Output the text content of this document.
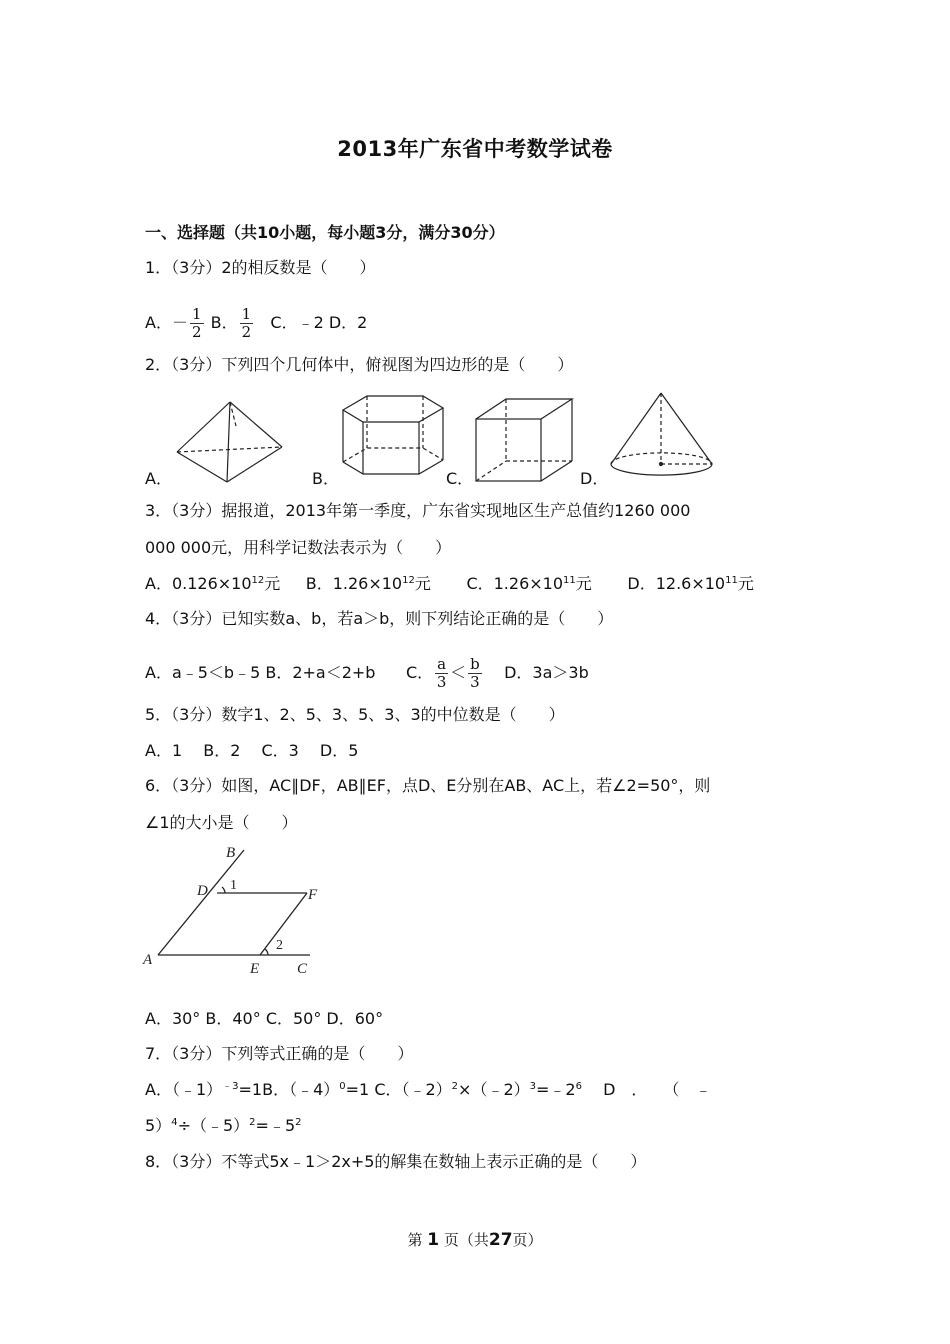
2013年广东省中考数学试卷
一、选择题（共10小题，每小题3分，满分30分）
1．（3分）2的相反数是（　　）
A．－ $\frac{1}{2}$ B． $\frac{1}{2}$ C．﹣2 D．2
2．（3分）下列四个几何体中，俯视图为四边形的是（　　）
A．	B．	C．	D．
3．（3分）据报道，2013年第一季度，广东省实现地区生产总值约1260 000
000 000元，用科学记数法表示为（　　）
A．$0.126\times 10^{12}$元 B．$1.26\times 10^{12}$元 C．$1.26\times 10^{11}$元 D．$12.6\times 10^{11}$元
4．（3分）已知实数a、b，若a＞b，则下列结论正确的是（　　）
A．a﹣5＜b﹣5 B．2+a＜2+b C． $\frac{a}{3} < \frac{b}{3}$ D．3a＞3b
5．（3分）数字1、2、5、3、5、3、3的中位数是（　　）
A．1　 B．2　 C．3　 D．5
6．（3分）如图，AC∥DF，AB∥EF，点D、E分别在AB、AC上，若∠2=50°，则
∠1的大小是（　　）
B
D	F
A
E	C
1
2
A．30° B．40° C．50° D．60°
7．（3分）下列等式正确的是（　　）
A．（﹣1）$^{﹣3}$=1B．（﹣4）$^0$=1 C．$(﹣2)^2\times(﹣2)^3=﹣2^6$　 D　．　　（　﹣
$5)^4\div(﹣5)^2=﹣5^2$
8．（3分）不等式5x﹣1＞2x+5的解集在数轴上表示正确的是（　　）
第 1 页（共27页）
